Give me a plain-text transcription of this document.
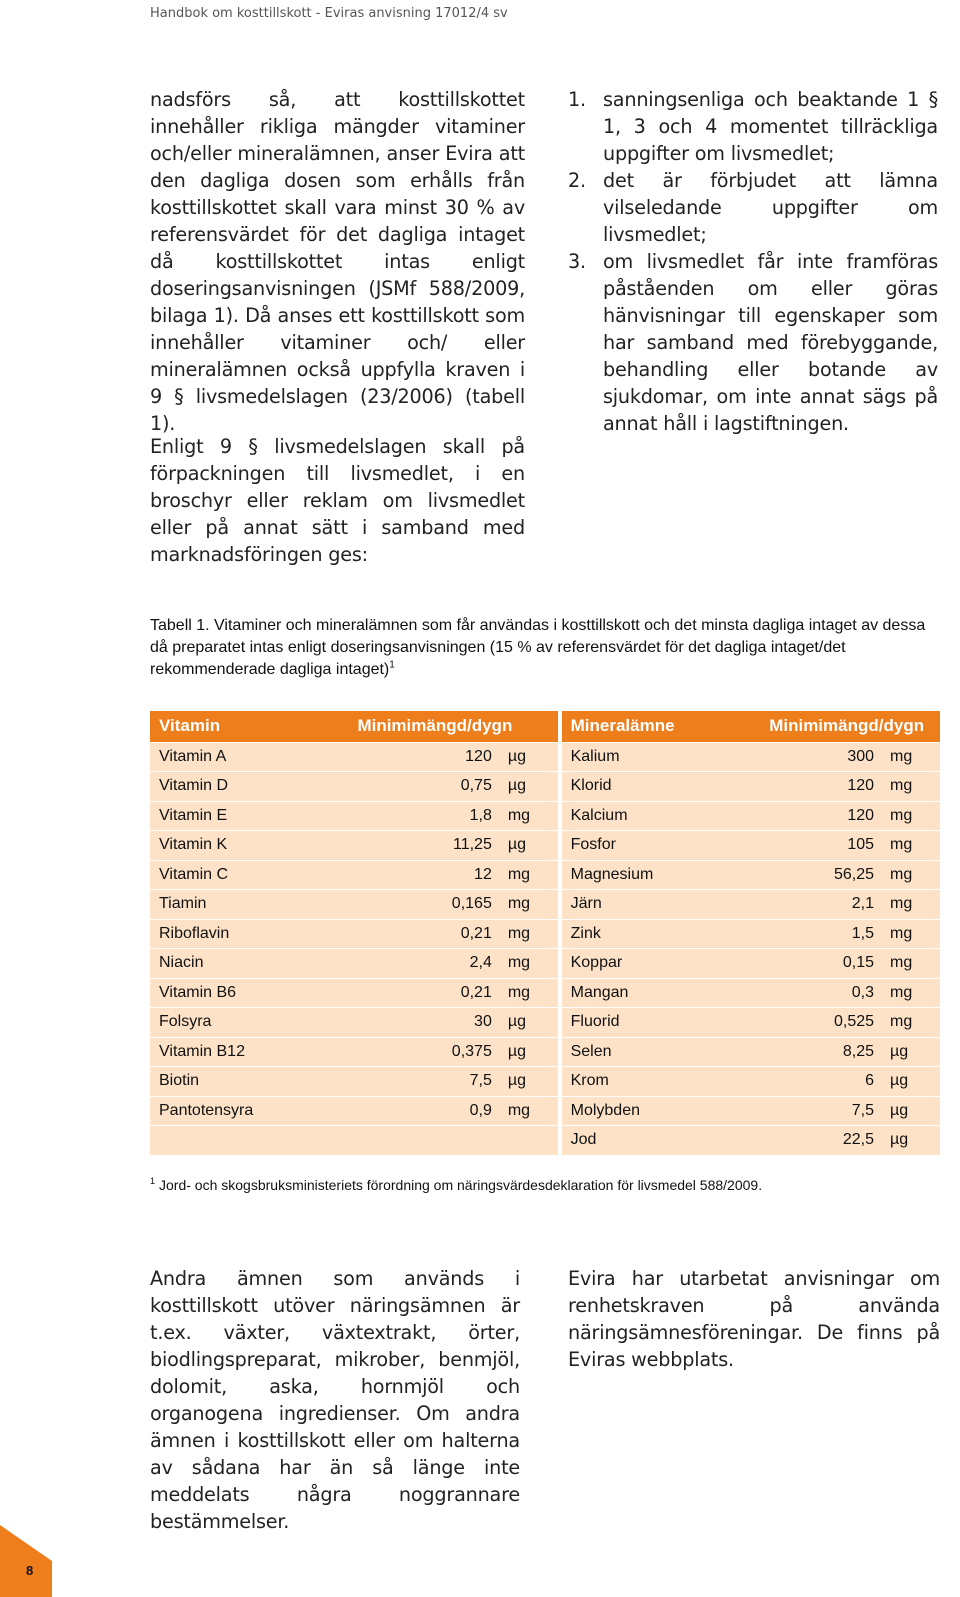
Handbok om kosttillskott - Eviras anvisning 17012/4 sv

nadsförs så, att kosttillskottet innehåller rikliga mängder vitaminer och/eller mineralämnen, anser Evira att den dagliga dosen som erhålls från kosttillskottet skall vara minst 30 % av referensvärdet för det dagliga intaget då kosttillskottet intas enligt doseringsanvisningen (JSMf 588/2009, bilaga 1). Då anses ett kosttillskott som innehåller vitaminer och/ eller mineralämnen också uppfylla kraven i 9 § livsmedelslagen (23/2006) (tabell 1).

Enligt 9 § livsmedelslagen skall på förpackningen till livsmedlet, i en broschyr eller reklam om livsmedlet eller på annat sätt i samband med marknadsföringen ges:

1. sanningsenliga och beaktande 1 § 1, 3 och 4 momentet tillräckliga uppgifter om livsmedlet;
2. det är förbjudet att lämna vilseledande uppgifter om livsmedlet;
3. om livsmedlet får inte framföras påståenden om eller göras hänvisningar till egenskaper som har samband med förebyggande, behandling eller botande av sjukdomar, om inte annat sägs på annat håll i lagstiftningen.

Tabell 1. Vitaminer och mineralämnen som får användas i kosttillskott och det minsta dagliga intaget av dessa då preparatet intas enligt doseringsanvisningen (15 % av referensvärdet för det dagliga intaget/det rekommenderade dagliga intaget)$^1$

Vitamin	Minimimängd/dygn			Mineralämne	Minimimängd/dygn	
Vitamin A	120	µg		Kalium	300	mg
Vitamin D	0,75	µg		Klorid	120	mg
Vitamin E	1,8	mg		Kalcium	120	mg
Vitamin K	11,25	µg		Fosfor	105	mg
Vitamin C	12	mg		Magnesium	56,25	mg
Tiamin	0,165	mg		Järn	2,1	mg
Riboflavin	0,21	mg		Zink	1,5	mg
Niacin	2,4	mg		Koppar	0,15	mg
Vitamin B6	0,21	mg		Mangan	0,3	mg
Folsyra	30	µg		Fluorid	0,525	mg
Vitamin B12	0,375	µg		Selen	8,25	µg
Biotin	7,5	µg		Krom	6	µg
Pantotensyra	0,9	mg		Molybden	7,5	µg
				Jod	22,5	µg

$^1$ Jord- och skogsbruksministeriets förordning om näringsvärdesdeklaration för livsmedel 588/2009.

Andra ämnen som används i kosttillskott utöver näringsämnen är t.ex. växter, växtextrakt, örter, biodlingspreparat, mikrober, benmjöl, dolomit, aska, hornmjöl och organogena ingredienser. Om andra ämnen i kosttillskott eller om halterna av sådana har än så länge inte meddelats några noggrannare bestämmelser.

Evira har utarbetat anvisningar om renhetskraven på använda näringsämnesföreningar. De finns på Eviras webbplats.

8
